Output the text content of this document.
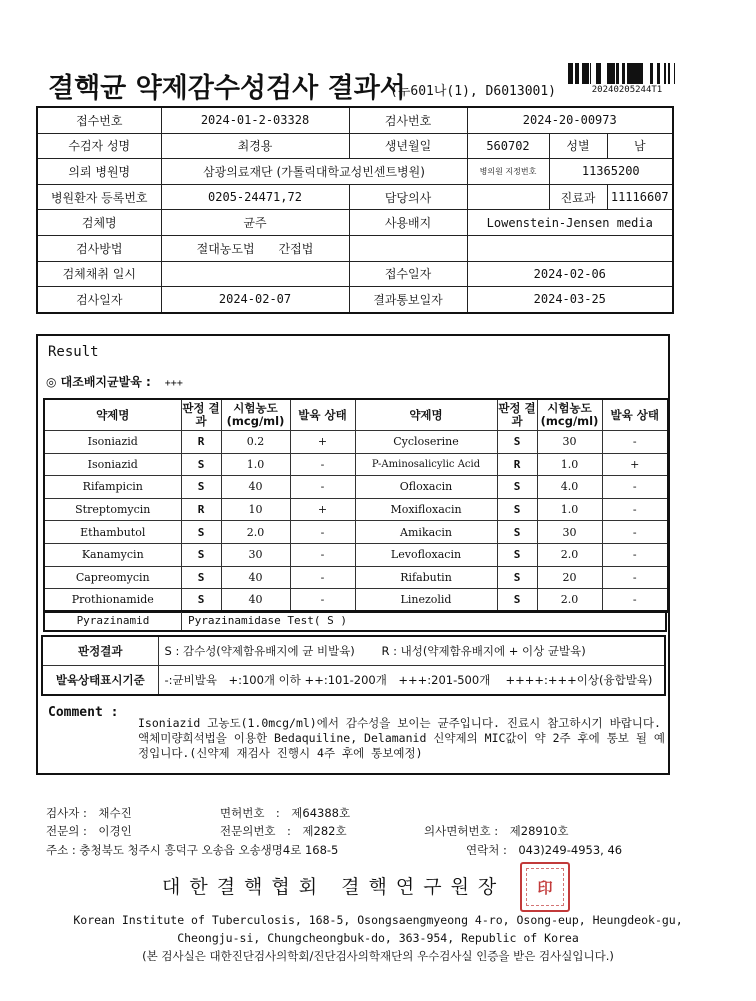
결핵균 약제감수성검사 결과서
(누601나(1), D6013001)	20240205244T1
접수번호	2024-01-2-03328	검사번호	2024-20-00973		
수검자 성명	최경용	생년월일	560702	성별	남
의뢰 병원명	삼광의료재단 (가톨릭대학교성빈센트병원)		병의원 지정번호	11365200	
병원환자 등록번호	0205-24471,72	담당의사		진료과	11116607
검체명	균주	사용배지	Lowenstein-Jensen media		
검사방법	절대농도법　　간접법				
검체채취 일시		접수일자	2024-02-06		
검사일자	2024-02-07	결과통보일자	2024-03-25		
Result
◎ 대조배지균발육 : +++
약제명	판정 결과	시험농도 (mcg/ml)	발육 상태	약제명	판정 결과	시험농도 (mcg/ml)	발육 상태
Isoniazid	R	0.2	+	Cycloserine	S	30	-
Isoniazid	S	1.0	-	P-Aminosalicylic Acid	R	1.0	+
Rifampicin	S	40	-	Ofloxacin	S	4.0	-
Streptomycin	R	10	+	Moxifloxacin	S	1.0	-
Ethambutol	S	2.0	-	Amikacin	S	30	-
Kanamycin	S	30	-	Levofloxacin	S	2.0	-
Capreomycin	S	40	-	Rifabutin	S	20	-
Prothionamide	S	40	-	Linezolid	S	2.0	-
Pyrazinamid	Pyrazinamidase Test( S )
판정결과	S : 감수성(약제함유배지에 균 비발육)　　 R : 내성(약제함유배지에 + 이상 균발육)
발육상태표시기준	-:균비발육　+:100개 이하 ++:101-200개　+++:201-500개　 ++++:+++이상(융합발육)
Comment :
Isoniazid 고농도(1.0mcg/ml)에서 감수성을 보이는 균주입니다. 진료시 참고하시기 바랍니다.액체미량희석법을 이용한 Bedaquiline, Delamanid 신약제의 MIC값이 약 2주 후에 통보 될 예정입니다.(신약제 재검사 진행시 4주 후에 통보예정)
검사자 :　채수진	면허번호　:　제64388호
전문의 :　이경인	전문의번호　:　제282호	의사면허번호 :　제28910호
주소 : 충청북도 청주시 흥덕구 오송읍 오송생명4로 168-5	연락처 :　043)249-4953, 46
대한결핵협회 결핵연구원장	印
Korean Institute of Tuberculosis, 168-5, Osongsaengmyeong 4-ro, Osong-eup, Heungdeok-gu,
Cheongju-si, Chungcheongbuk-do, 363-954, Republic of Korea
(본 검사실은 대한진단검사의학회/진단검사의학재단의 우수검사실 인증을 받은 검사실입니다.)
